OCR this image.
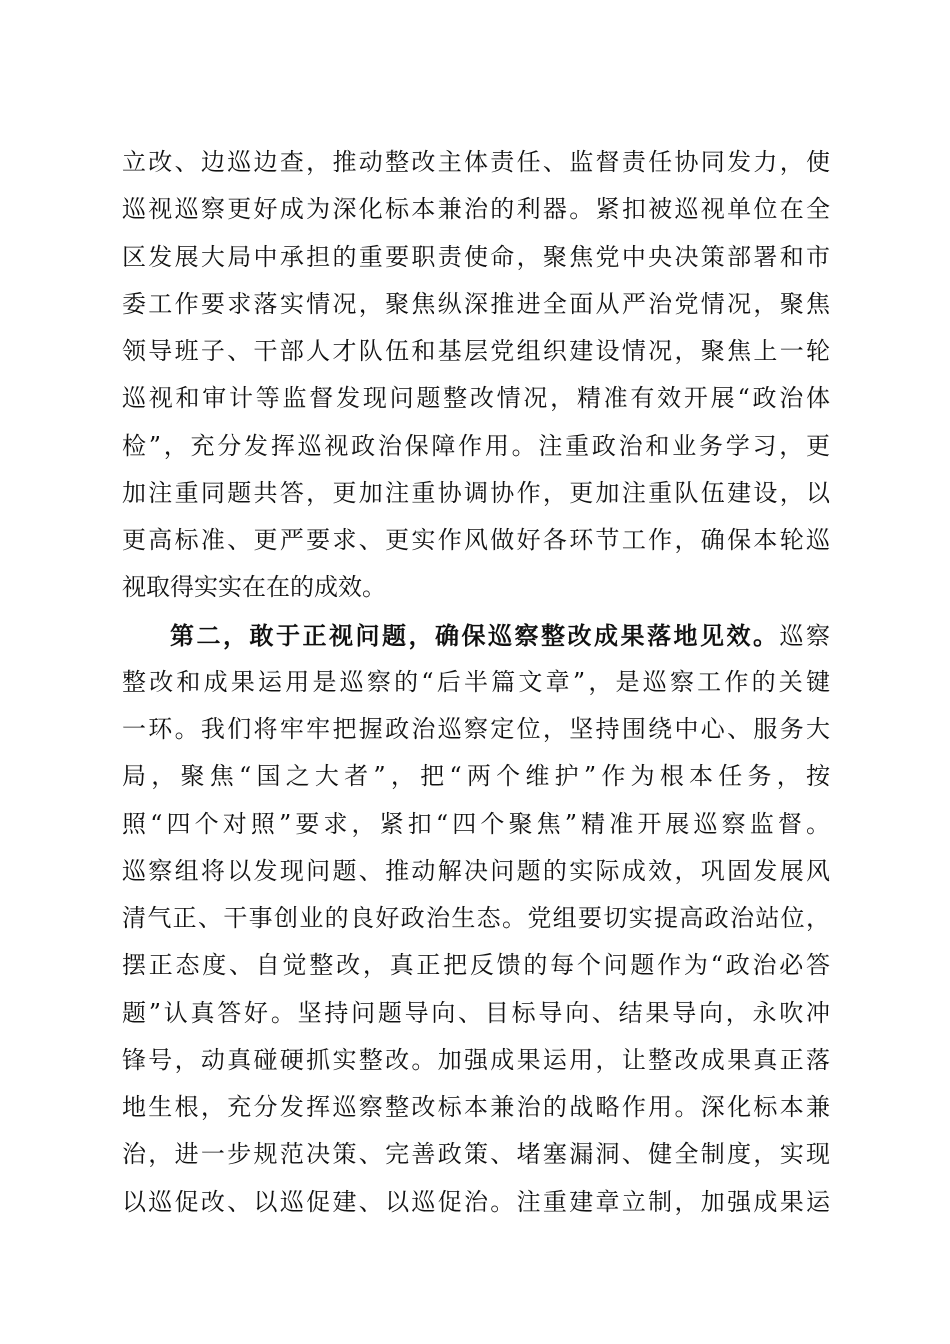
立改、边巡边查，推动整改主体责任、监督责任协同发力，使
巡视巡察更好成为深化标本兼治的利器。紧扣被巡视单位在全
区发展大局中承担的重要职责使命，聚焦党中央决策部署和市
委工作要求落实情况，聚焦纵深推进全面从严治党情况，聚焦
领导班子、干部人才队伍和基层党组织建设情况，聚焦上一轮
巡视和审计等监督发现问题整改情况，精准有效开展“政治体
检”，充分发挥巡视政治保障作用。注重政治和业务学习，更
加注重同题共答，更加注重协调协作，更加注重队伍建设，以
更高标准、更严要求、更实作风做好各环节工作，确保本轮巡
视取得实实在在的成效。
第二，敢于正视问题，确保巡察整改成果落地见效。巡察
整改和成果运用是巡察的“后半篇文章”，是巡察工作的关键
一环。我们将牢牢把握政治巡察定位，坚持围绕中心、服务大
局，聚焦“国之大者”，把“两个维护”作为根本任务，按
照“四个对照”要求，紧扣“四个聚焦”精准开展巡察监督。
巡察组将以发现问题、推动解决问题的实际成效，巩固发展风
清气正、干事创业的良好政治生态。党组要切实提高政治站位，
摆正态度、自觉整改，真正把反馈的每个问题作为“政治必答
题”认真答好。坚持问题导向、目标导向、结果导向，永吹冲
锋号，动真碰硬抓实整改。加强成果运用，让整改成果真正落
地生根，充分发挥巡察整改标本兼治的战略作用。深化标本兼
治，进一步规范决策、完善政策、堵塞漏洞、健全制度，实现
以巡促改、以巡促建、以巡促治。注重建章立制，加强成果运
